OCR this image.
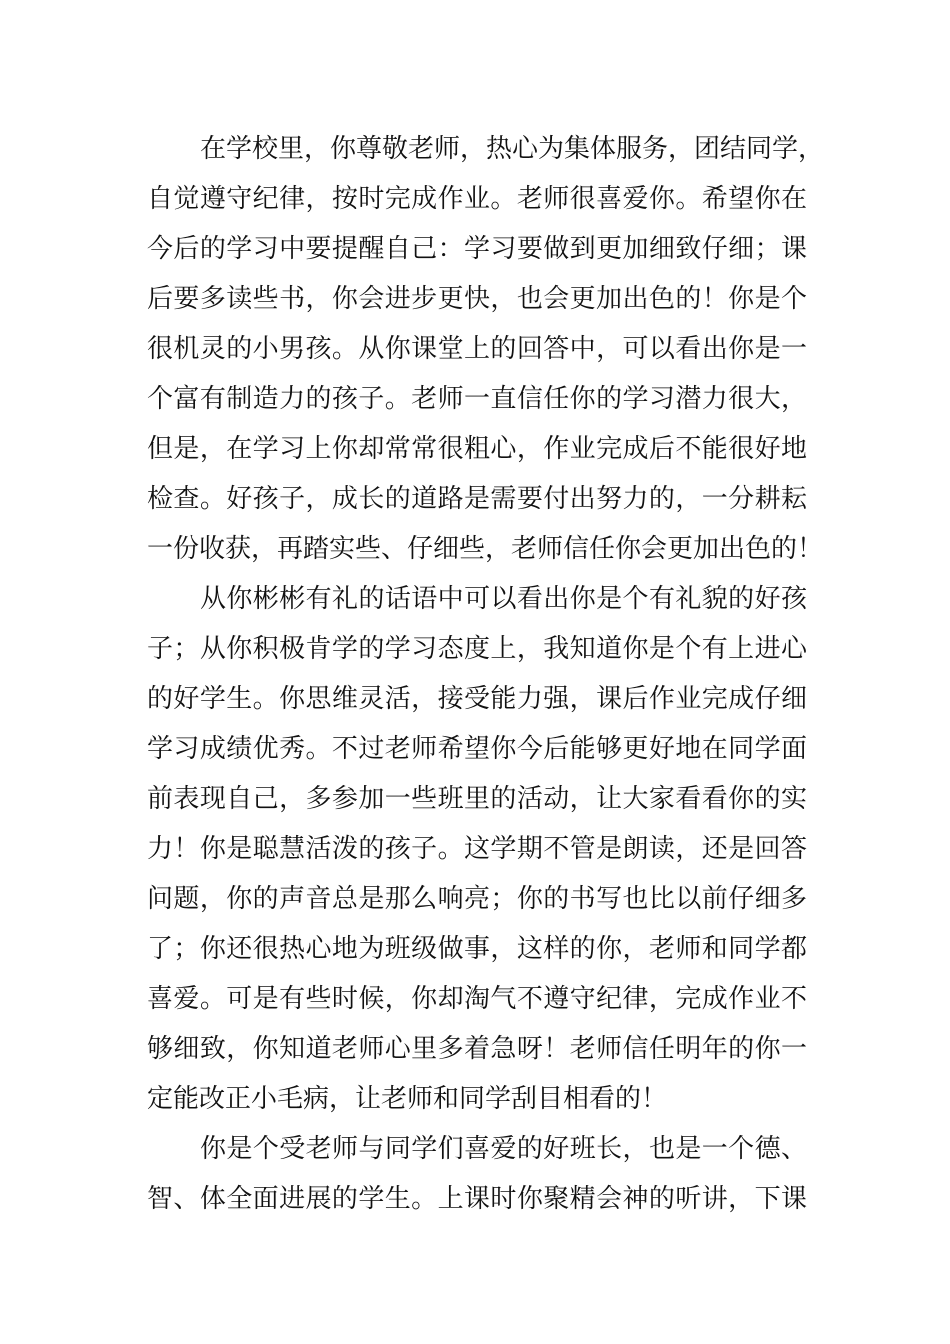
在学校里，你尊敬老师，热心为集体服务，团结同学，
自觉遵守纪律，按时完成作业。老师很喜爱你。希望你在
今后的学习中要提醒自己：学习要做到更加细致仔细；课
后要多读些书，你会进步更快，也会更加出色的！你是个
很机灵的小男孩。从你课堂上的回答中，可以看出你是一
个富有制造力的孩子。老师一直信任你的学习潜力很大，
但是，在学习上你却常常很粗心，作业完成后不能很好地
检查。好孩子，成长的道路是需要付出努力的，一分耕耘
一份收获，再踏实些、仔细些，老师信任你会更加出色的！
从你彬彬有礼的话语中可以看出你是个有礼貌的好孩
子；从你积极肯学的学习态度上，我知道你是个有上进心
的好学生。你思维灵活，接受能力强，课后作业完成仔细
学习成绩优秀。不过老师希望你今后能够更好地在同学面
前表现自己，多参加一些班里的活动，让大家看看你的实
力！你是聪慧活泼的孩子。这学期不管是朗读，还是回答
问题，你的声音总是那么响亮；你的书写也比以前仔细多
了；你还很热心地为班级做事，这样的你，老师和同学都
喜爱。可是有些时候，你却淘气不遵守纪律，完成作业不
够细致，你知道老师心里多着急呀！老师信任明年的你一
定能改正小毛病，让老师和同学刮目相看的！
你是个受老师与同学们喜爱的好班长，也是一个德、
智、体全面进展的学生。上课时你聚精会神的听讲，下课
